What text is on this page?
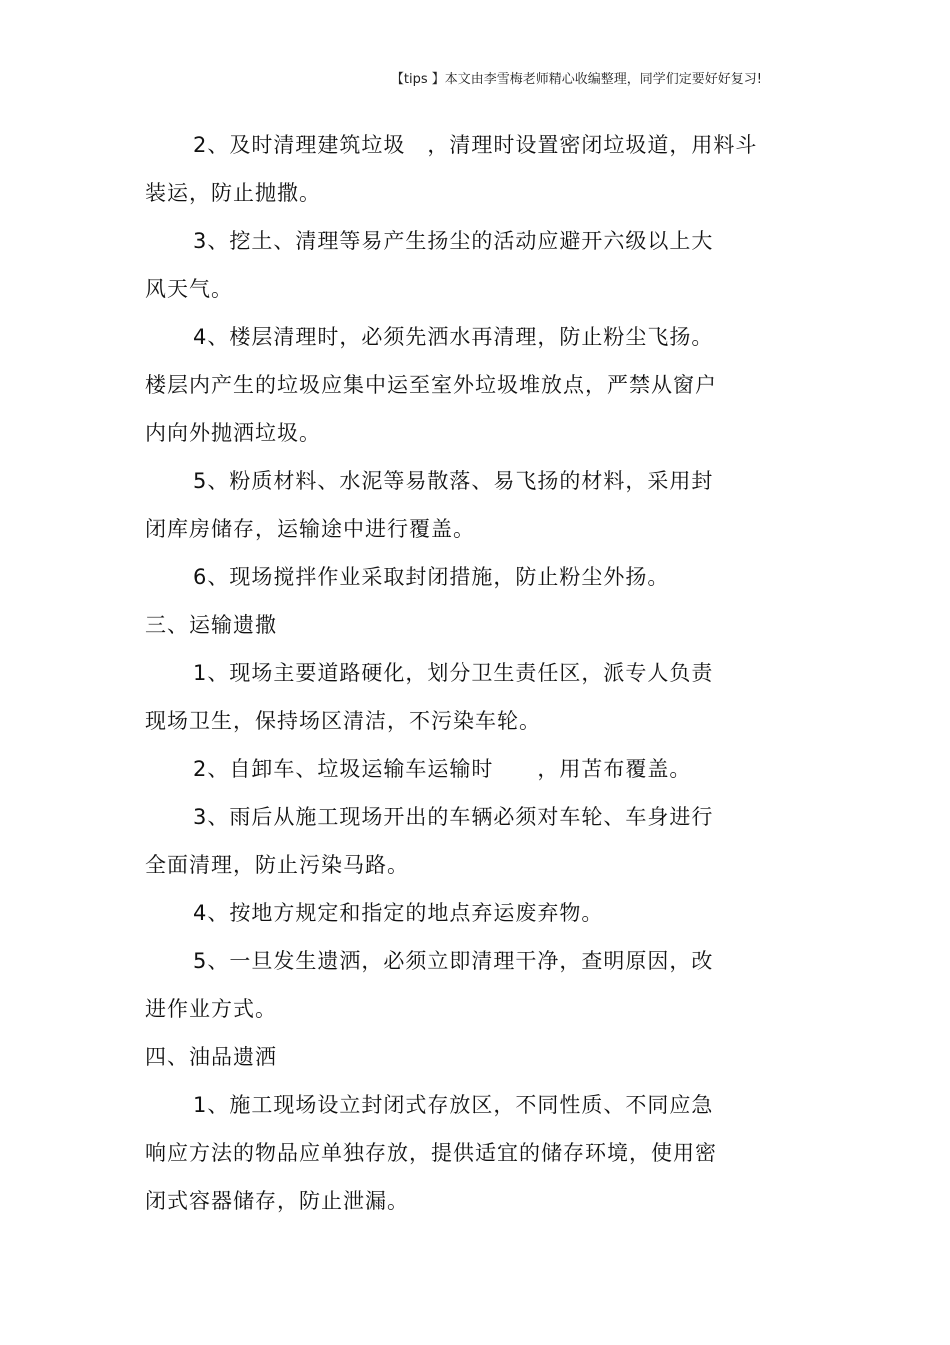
【tips 】本文由李雪梅老师精心收编整理，同学们定要好好复习!
2、及时清理建筑垃圾　，清理时设置密闭垃圾道，用料斗
装运，防止抛撒。
3、挖土、清理等易产生扬尘的活动应避开六级以上大
风天气。
4、楼层清理时，必须先洒水再清理，防止粉尘飞扬。
楼层内产生的垃圾应集中运至室外垃圾堆放点，严禁从窗户
内向外抛洒垃圾。
5、粉质材料、水泥等易散落、易飞扬的材料，采用封
闭库房储存，运输途中进行覆盖。
6、现场搅拌作业采取封闭措施，防止粉尘外扬。
三、运输遗撒
1、现场主要道路硬化，划分卫生责任区，派专人负责
现场卫生，保持场区清洁，不污染车轮。
2、自卸车、垃圾运输车运输时　　，用苫布覆盖。
3、雨后从施工现场开出的车辆必须对车轮、车身进行
全面清理，防止污染马路。
4、按地方规定和指定的地点弃运废弃物。
5、一旦发生遗洒，必须立即清理干净，查明原因，改
进作业方式。
四、油品遗洒
1、施工现场设立封闭式存放区，不同性质、不同应急
响应方法的物品应单独存放，提供适宜的储存环境，使用密
闭式容器储存，防止泄漏。
